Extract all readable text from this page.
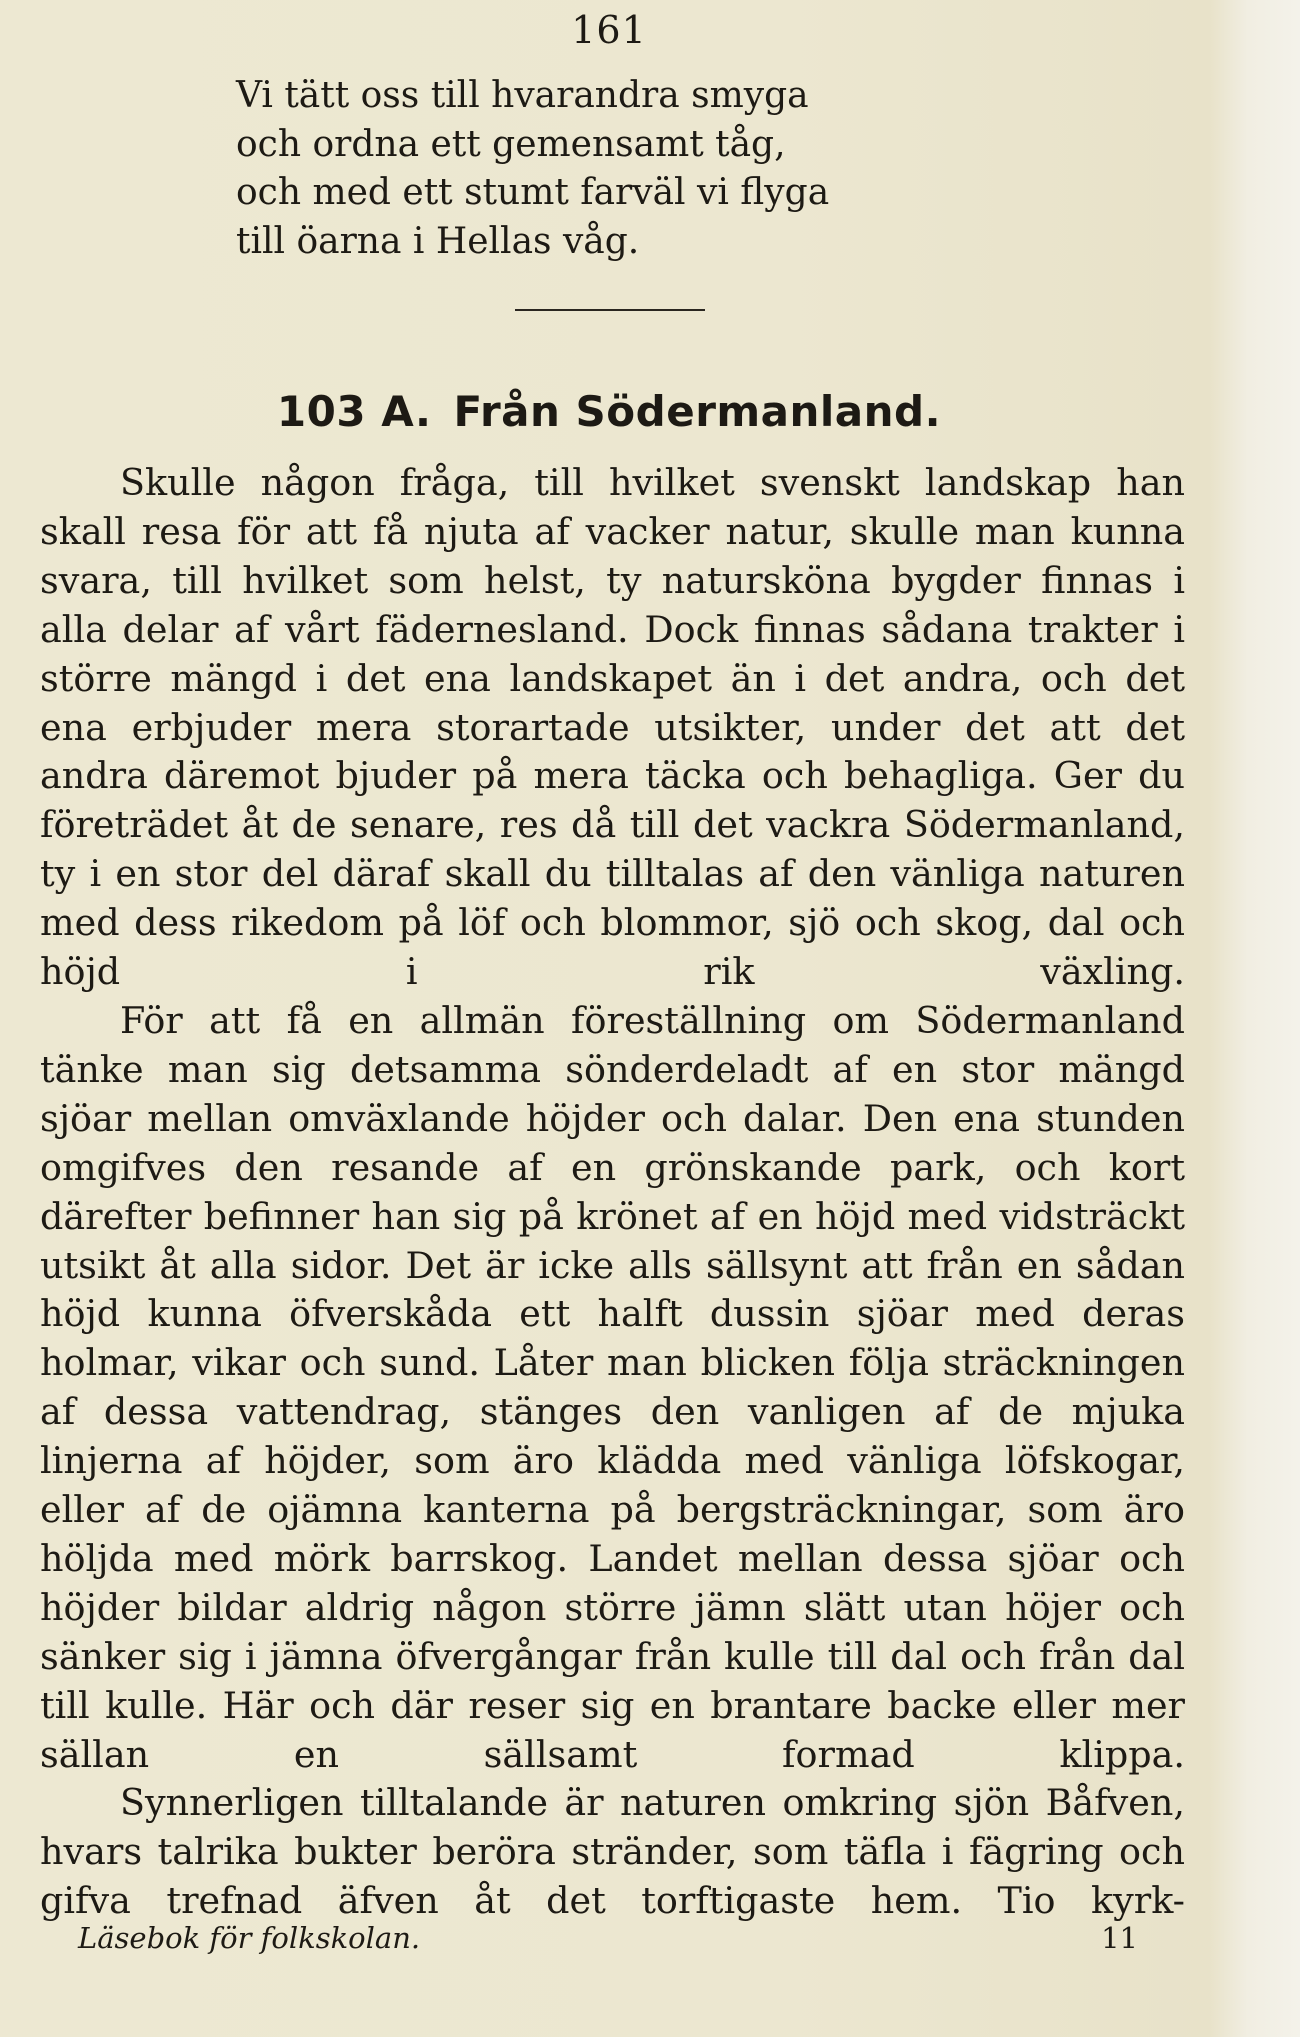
161
Vi tätt oss till hvarandra smyga
och ordna ett gemensamt tåg,
och med ett stumt farväl vi flyga
till öarna i Hellas våg.
103 A. Från Södermanland.

Skulle någon fråga, till hvilket svenskt landskap han skall resa för att få njuta af vacker natur, skulle man kunna svara, till hvilket som helst, ty natursköna bygder finnas i alla delar af vårt fädernesland. Dock finnas sådana trakter i större mängd i det ena landskapet än i det andra, och det ena erbjuder mera storartade utsikter, under det att det andra däremot bjuder på mera täcka och behagliga. Ger du företrädet åt de senare, res då till det vackra Södermanland, ty i en stor del däraf skall du tilltalas af den vänliga naturen med dess rikedom på löf och blommor, sjö och skog, dal och höjd i rik växling.

För att få en allmän föreställning om Södermanland tänke man sig detsamma sönderdeladt af en stor mängd sjöar mellan omväxlande höjder och dalar. Den ena stunden omgifves den resande af en grönskande park, och kort därefter befinner han sig på krönet af en höjd med vidsträckt utsikt åt alla sidor. Det är icke alls sällsynt att från en sådan höjd kunna öfverskåda ett halft dussin sjöar med deras holmar, vikar och sund. Låter man blicken följa sträckningen af dessa vattendrag, stänges den vanligen af de mjuka linjerna af höjder, som äro klädda med vänliga löfskogar, eller af de ojämna kanterna på bergsträckningar, som äro höljda med mörk barrskog. Landet mellan dessa sjöar och höjder bildar aldrig någon större jämn slätt utan höjer och sänker sig i jämna öfvergångar från kulle till dal och från dal till kulle. Här och där reser sig en brantare backe eller mer sällan en sällsamt formad klippa.

Synnerligen tilltalande är naturen omkring sjön Båfven, hvars talrika bukter beröra stränder, som täfla i fägring och gifva trefnad äfven åt det torftigaste hem. Tio kyrk-

Läsebok för folkskolan.	11
